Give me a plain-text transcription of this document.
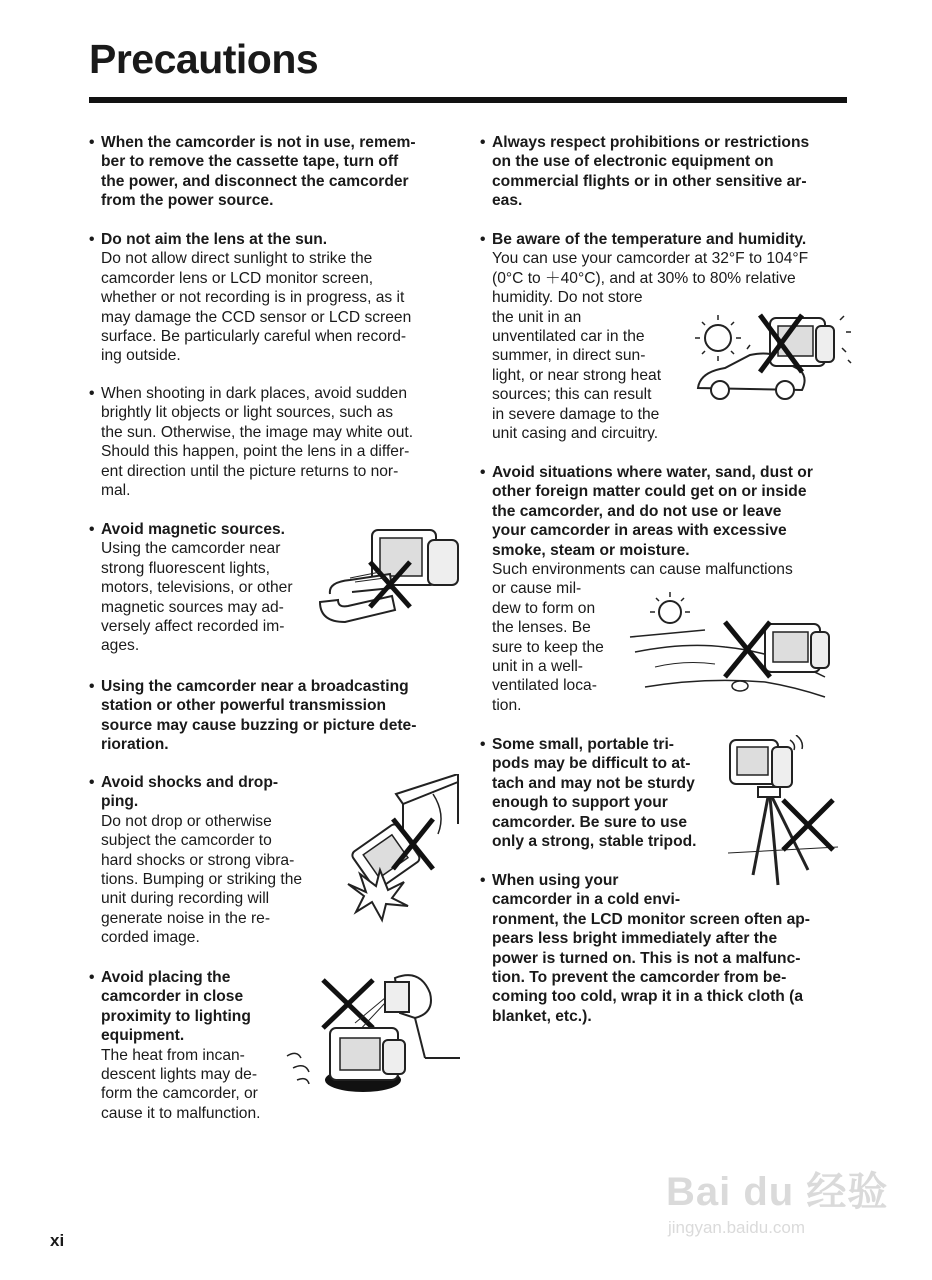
Precautions
• When the camcorder is not in use, remem-
ber to remove the cassette tape, turn off
the power, and disconnect the camcorder
from the power source.
• Do not aim the lens at the sun.
Do not allow direct sunlight to strike the
camcorder lens or LCD monitor screen,
whether or not recording is in progress, as it
may damage the CCD sensor or LCD screen
surface. Be particularly careful when record-
ing outside.
• When shooting in dark places, avoid sudden
brightly lit objects or light sources, such as
the sun. Otherwise, the image may white out.
Should this happen, point the lens in a differ-
ent direction until the picture returns to nor-
mal.
• Avoid magnetic sources.
Using the camcorder near
strong fluorescent lights,
motors, televisions, or other
magnetic sources may ad-
versely affect recorded im-
ages.
• Using the camcorder near a broadcasting
station or other powerful transmission
source may cause buzzing or picture dete-
rioration.
• Avoid shocks and drop-
ping.
Do not drop or otherwise
subject the camcorder to
hard shocks or strong vibra-
tions. Bumping or striking the
unit during recording will
generate noise in the re-
corded image.
• Avoid placing the
camcorder in close
proximity to lighting
equipment.
The heat from incan-
descent lights may de-
form the camcorder, or
cause it to malfunction.
• Always respect prohibitions or restrictions
on the use of electronic equipment on
commercial flights or in other sensitive ar-
eas.
• Be aware of the temperature and humidity.
You can use your camcorder at 32°F to 104°F
(0°C to ＋40°C), and at 30% to 80% relative
humidity. Do not store
the unit in an
unventilated car in the
summer, in direct sun-
light, or near strong heat
sources; this can result
in severe damage to the
unit casing and circuitry.
• Avoid situations where water, sand, dust or
other foreign matter could get on or inside
the camcorder, and do not use or leave
your camcorder in areas with excessive
smoke, steam or moisture.
Such environments can cause malfunctions
or cause mil-
dew to form on
the lenses. Be
sure to keep the
unit in a well-
ventilated loca-
tion.
• Some small, portable tri-
pods may be difficult to at-
tach and may not be sturdy
enough to support your
camcorder. Be sure to use
only a strong, stable tripod.
• When using your
camcorder in a cold envi-
ronment, the LCD monitor screen often ap-
pears less bright immediately after the
power is turned on. This is not a malfunc-
tion. To prevent the camcorder from be-
coming too cold, wrap it in a thick cloth (a
blanket, etc.).
xi
Bai du 经验
jingyan.baidu.com
